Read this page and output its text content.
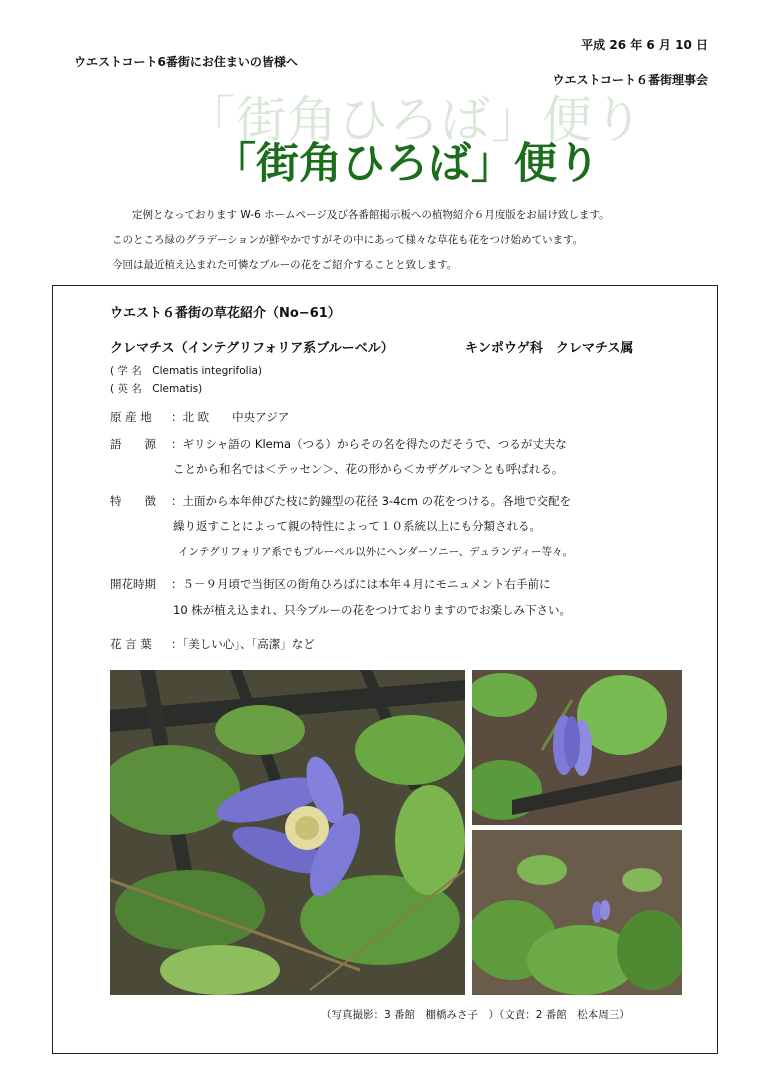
平成 26 年 6 月 10 日
ウエストコート6番街にお住まいの皆様へ
ウエストコート６番街理事会
「街角ひろば」便り
「街角ひろば」便り
定例となっております W-6 ホームページ及び各番館掲示板への植物紹介６月度版をお届け致します。
このところ緑のグラデーションが鮮やかですがその中にあって様々な草花も花をつけ始めています。
今回は最近植え込まれた可憐なブルーの花をご紹介することと致します。
ウエスト６番街の草花紹介（No−61）
クレマチス（インテグリフォリア系ブルーベル）	キンポウゲ科　クレマチス属
( 学 名　Clematis integrifolia)
( 英 名　Clematis)
原 産 地 ：北 欧　　中央アジア
語　　源 ：ギリシャ語の Klema（つる）からその名を得たのだそうで、つるが丈夫な
ことから和名では＜テッセン＞、花の形から＜カザグルマ＞とも呼ばれる。
特　　徴 ：土面から本年伸びた枝に釣鐘型の花径 3-4cm の花をつける。各地で交配を
繰り返すことによって親の特性によって１０系統以上にも分類される。
インテグリフォリア系でもブルーベル以外にヘンダーソニー、デュランディー等々。
開花時期 ：５－９月頃で当街区の街角ひろばには本年４月にモニュメント右手前に
10 株が植え込まれ、只今ブルーの花をつけておりますのでお楽しみ下さい。
花 言 葉 ：「美しい心」、「高潔」など
（写真撮影：3 番館　棚橋みさ子　）（文責：2 番館　松本周三）
